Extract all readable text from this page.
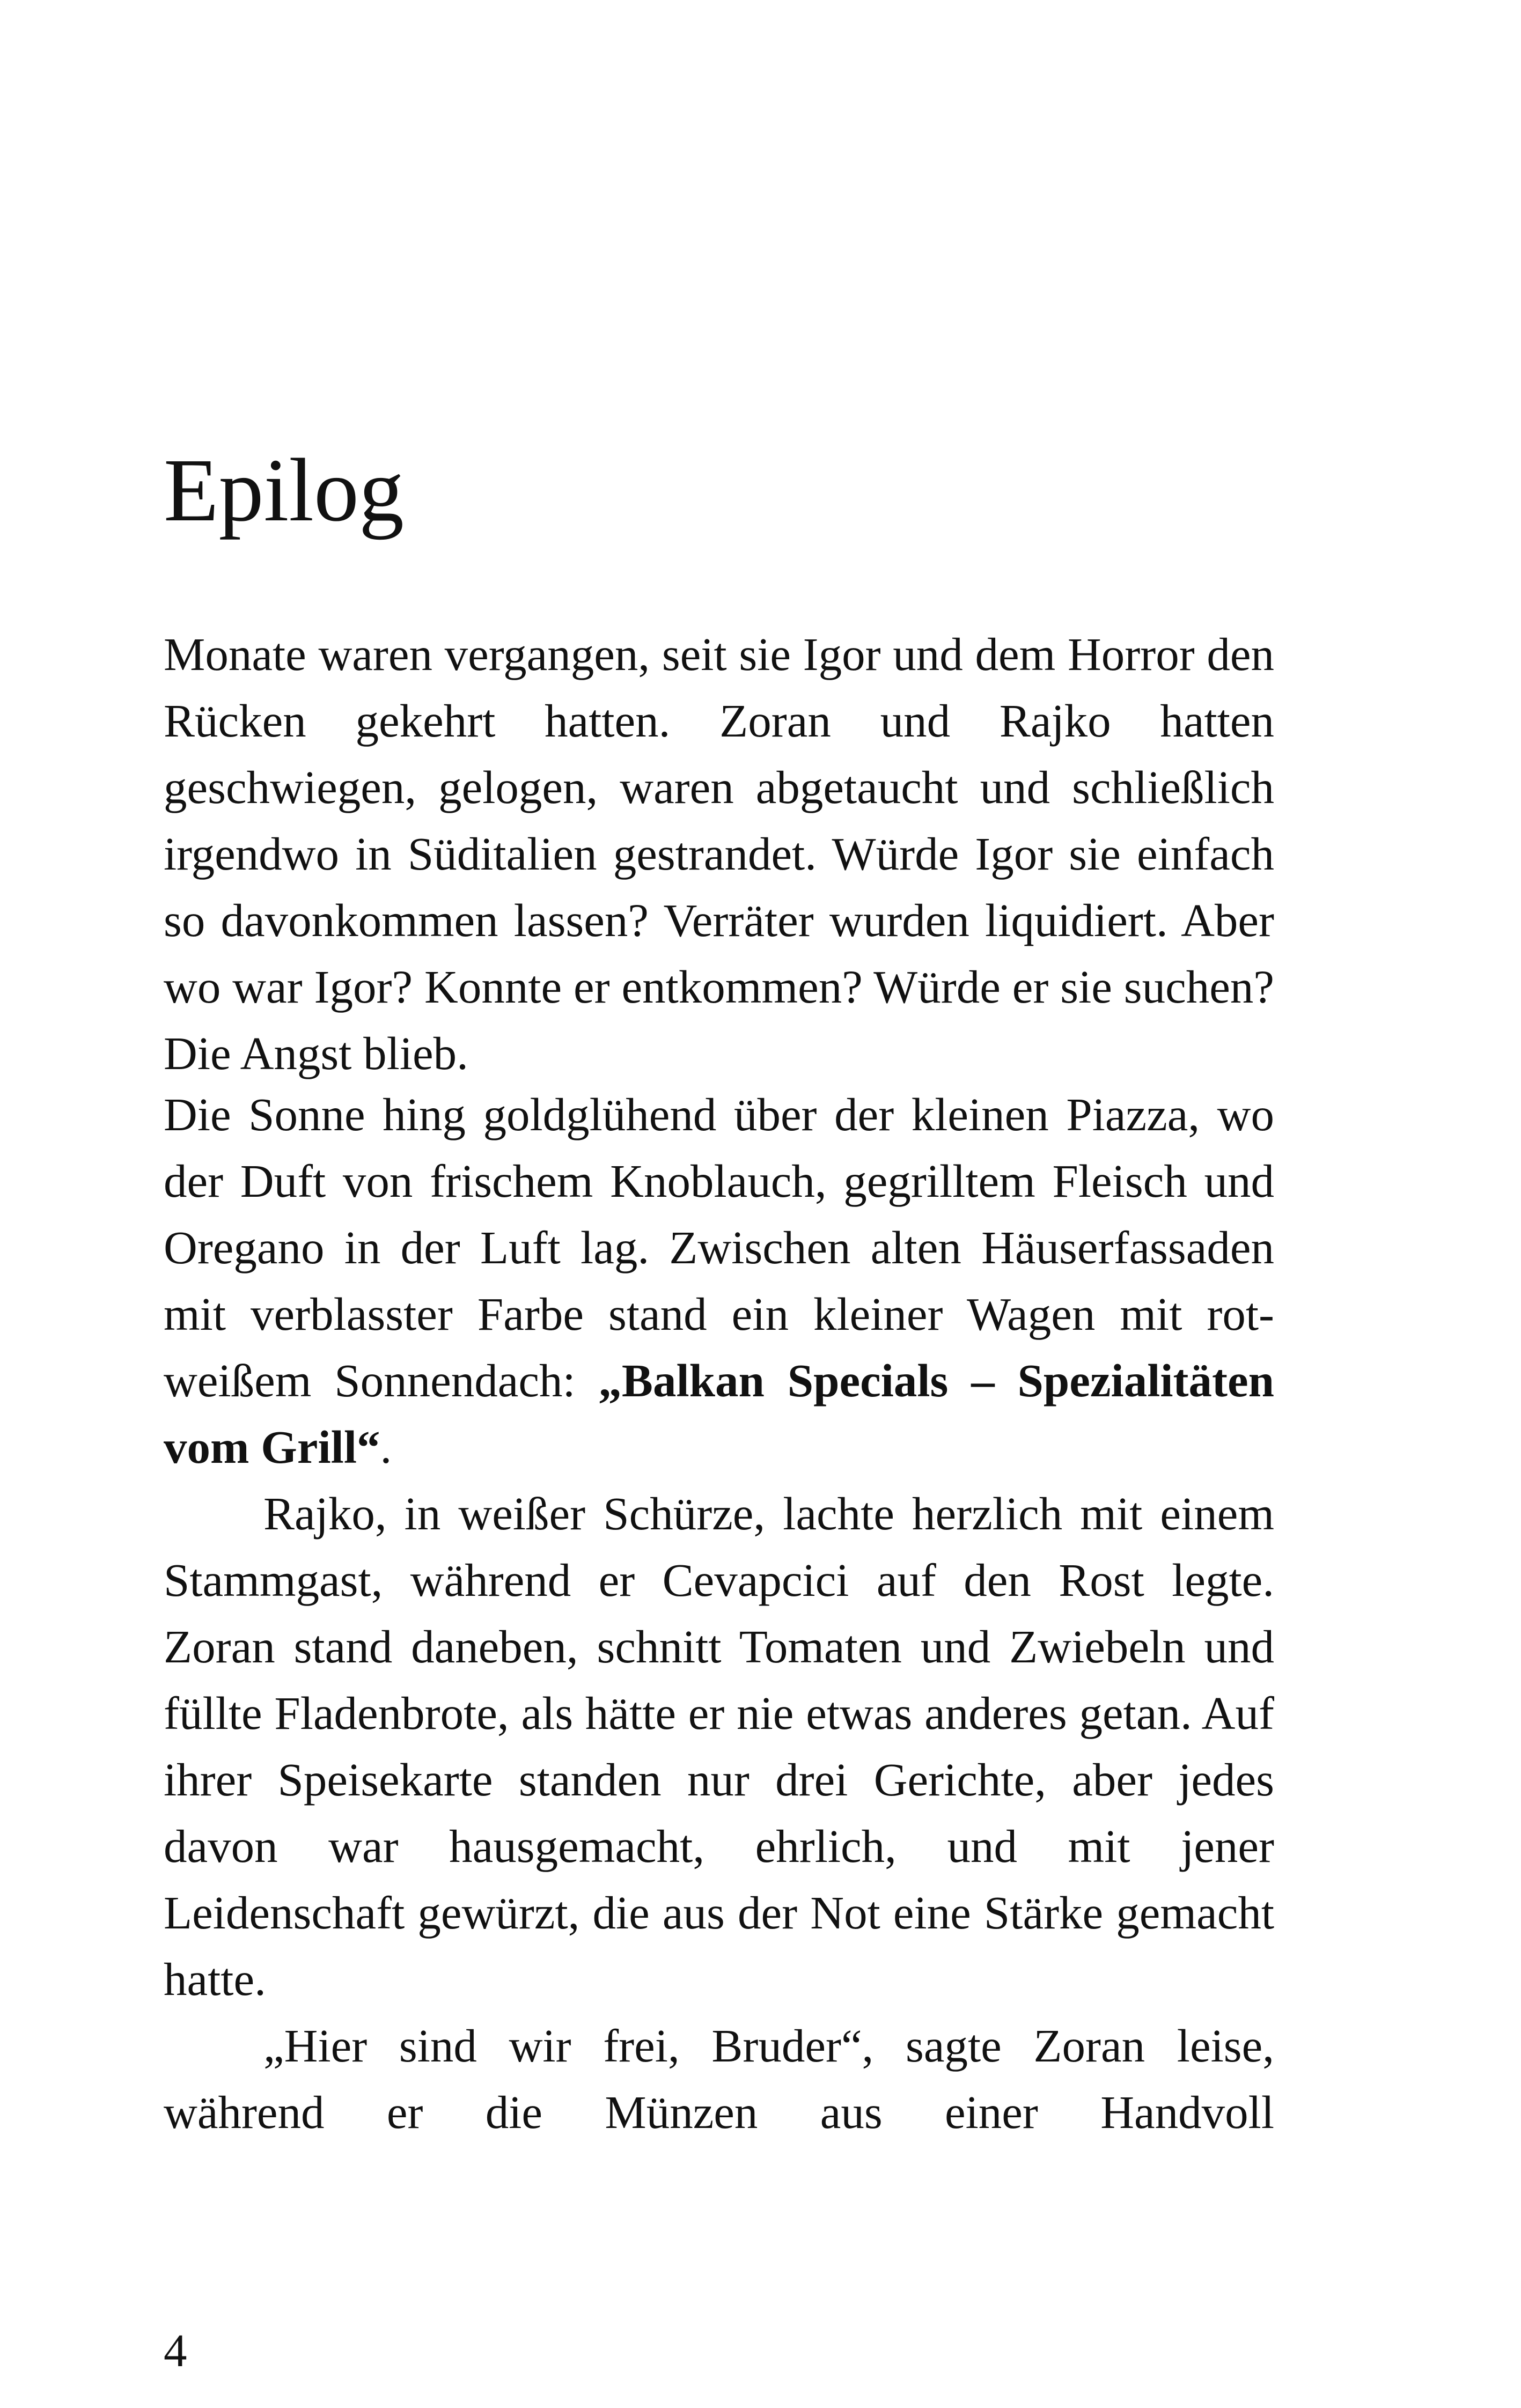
Epilog

Monate waren vergangen, seit sie Igor und dem Horror den Rücken gekehrt hatten. Zoran und Rajko hatten geschwiegen, gelogen, waren abgetaucht und schließlich irgendwo in Süditalien gestrandet. Würde Igor sie einfach so davonkommen lassen? Verräter wurden liquidiert. Aber wo war Igor? Konnte er entkommen? Würde er sie suchen? Die Angst blieb.

Die Sonne hing goldglühend über der kleinen Piazza, wo der Duft von frischem Knoblauch, gegrilltem Fleisch und Oregano in der Luft lag. Zwischen alten Häuserfassaden mit verblasster Farbe stand ein kleiner Wagen mit rot-weißem Sonnendach: „Balkan Specials – Spezialitäten vom Grill“.

Rajko, in weißer Schürze, lachte herzlich mit einem Stammgast, während er Cevapcici auf den Rost legte. Zoran stand daneben, schnitt Tomaten und Zwiebeln und füllte Fladenbrote, als hätte er nie etwas anderes getan. Auf ihrer Speisekarte standen nur drei Gerichte, aber jedes davon war hausgemacht, ehrlich, und mit jener Leidenschaft gewürzt, die aus der Not eine Stärke gemacht hatte.

„Hier sind wir frei, Bruder“, sagte Zoran leise, während er die Münzen aus einer Handvoll

4
